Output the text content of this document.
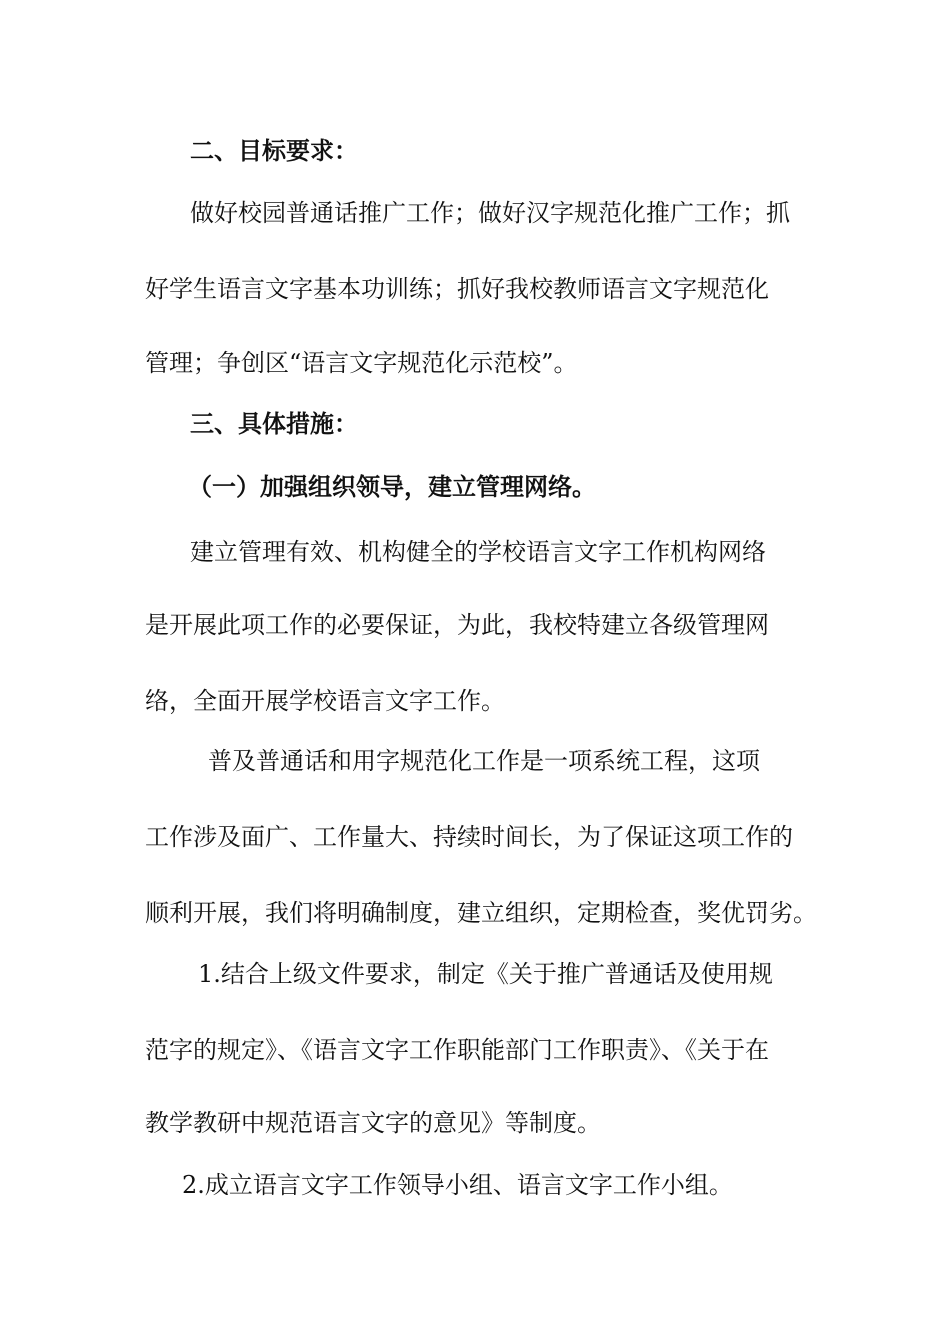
二、目标要求：
做好校园普通话推广工作；做好汉字规范化推广工作；抓
好学生语言文字基本功训练；抓好我校教师语言文字规范化
管理；争创区“语言文字规范化示范校”。
三、具体措施：
（一）加强组织领导，建立管理网络。
建立管理有效、机构健全的学校语言文字工作机构网络
是开展此项工作的必要保证，为此，我校特建立各级管理网
络，全面开展学校语言文字工作。
普及普通话和用字规范化工作是一项系统工程，这项
工作涉及面广、工作量大、持续时间长，为了保证这项工作的
顺利开展，我们将明确制度，建立组织，定期检查，奖优罚劣。
1.结合上级文件要求，制定《关于推广普通话及使用规
范字的规定》、《语言文字工作职能部门工作职责》、《关于在
教学教研中规范语言文字的意见》等制度。
2.成立语言文字工作领导小组、语言文字工作小组。
